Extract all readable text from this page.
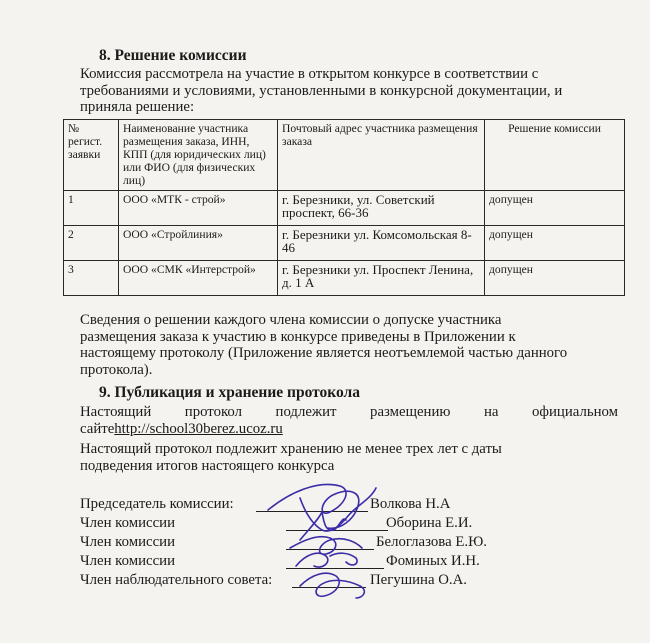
8. Решение комиссии
Комиссия рассмотрела на участие в открытом конкурсе в соответствии с
требованиями и условиями, установленными в конкурсной документации, и
приняла решение:
№ регист. заявки	Наименование участника размещения заказа, ИНН, КПП (для юридических лиц) или ФИО (для физических лиц)	Почтовый адрес участника размещения заказа	Решение комиссии
1	ООО «МТК - строй»	г. Березники, ул. Советский проспект, 66-36	допущен
2	ООО «Стройлиния»	г. Березники ул. Комсомольская 8-46	допущен
3	ООО «СМК «Интерстрой»	г. Березники ул. Проспект Ленина, д. 1 А	допущен
Сведения о решении каждого члена комиссии о допуске участника
размещения заказа к участию в конкурсе приведены в Приложении к
настоящему протоколу (Приложение является неотъемлемой частью данного
протокола).
9. Публикация и хранение протокола
Настоящий протокол подлежит размещению на официальном
сайтеhttp://school30berez.ucoz.ru
Настоящий протокол подлежит хранению не менее трех лет с даты
подведения итогов настоящего конкурса
Председатель комиссии:	Волкова Н.А
Член комиссии	Оборина Е.И.
Член комиссии	Белоглазова Е.Ю.
Член комиссии	Фоминых И.Н.
Член наблюдательного совета:	Пегушина О.А.
